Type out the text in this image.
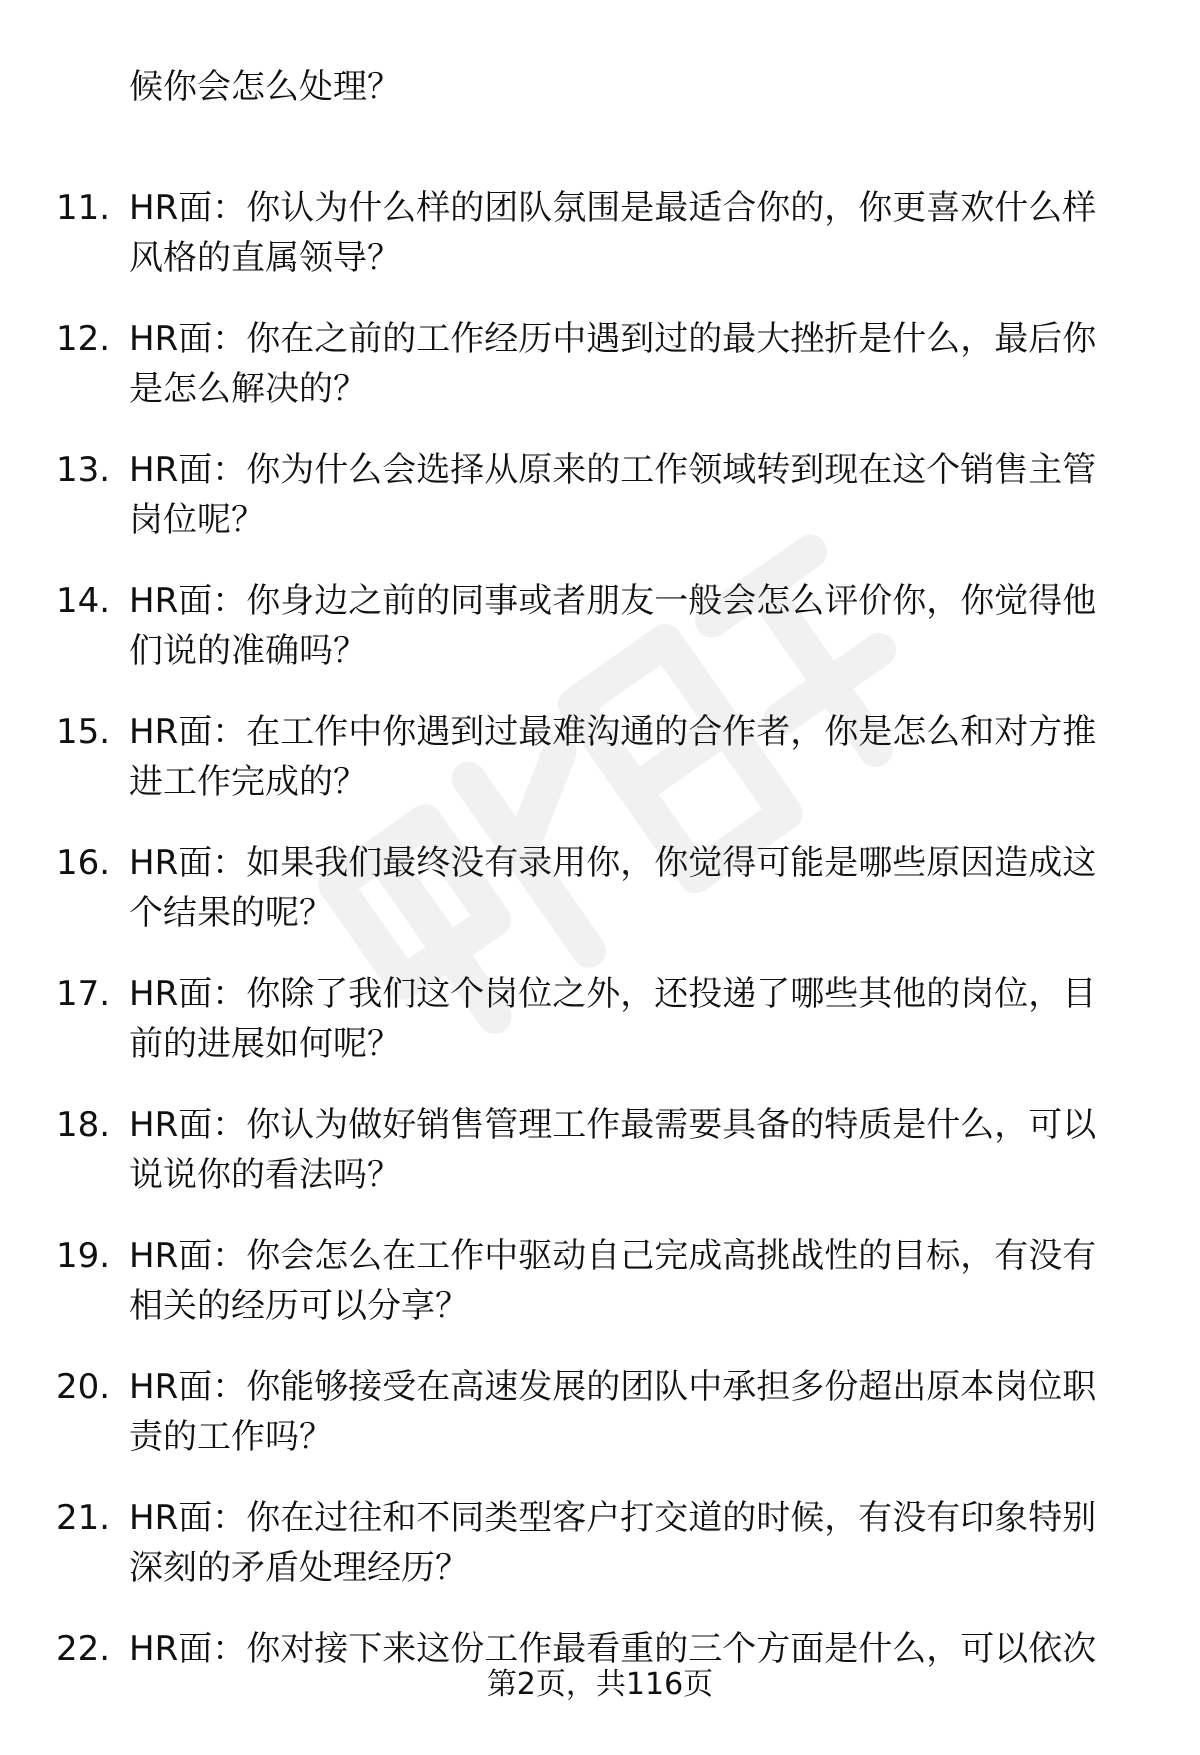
候你会怎么处理？
11. HR面：你认为什么样的团队氛围是最适合你的，你更喜欢什么样
风格的直属领导？
12. HR面：你在之前的工作经历中遇到过的最大挫折是什么，最后你
是怎么解决的？
13. HR面：你为什么会选择从原来的工作领域转到现在这个销售主管
岗位呢？
14. HR面：你身边之前的同事或者朋友一般会怎么评价你，你觉得他
们说的准确吗？
15. HR面：在工作中你遇到过最难沟通的合作者，你是怎么和对方推
进工作完成的？
16. HR面：如果我们最终没有录用你，你觉得可能是哪些原因造成这
个结果的呢？
17. HR面：你除了我们这个岗位之外，还投递了哪些其他的岗位，目
前的进展如何呢？
18. HR面：你认为做好销售管理工作最需要具备的特质是什么，可以
说说你的看法吗？
19. HR面：你会怎么在工作中驱动自己完成高挑战性的目标，有没有
相关的经历可以分享？
20. HR面：你能够接受在高速发展的团队中承担多份超出原本岗位职
责的工作吗？
21. HR面：你在过往和不同类型客户打交道的时候，有没有印象特别
深刻的矛盾处理经历？
22. HR面：你对接下来这份工作最看重的三个方面是什么，可以依次
第2页，共116页
